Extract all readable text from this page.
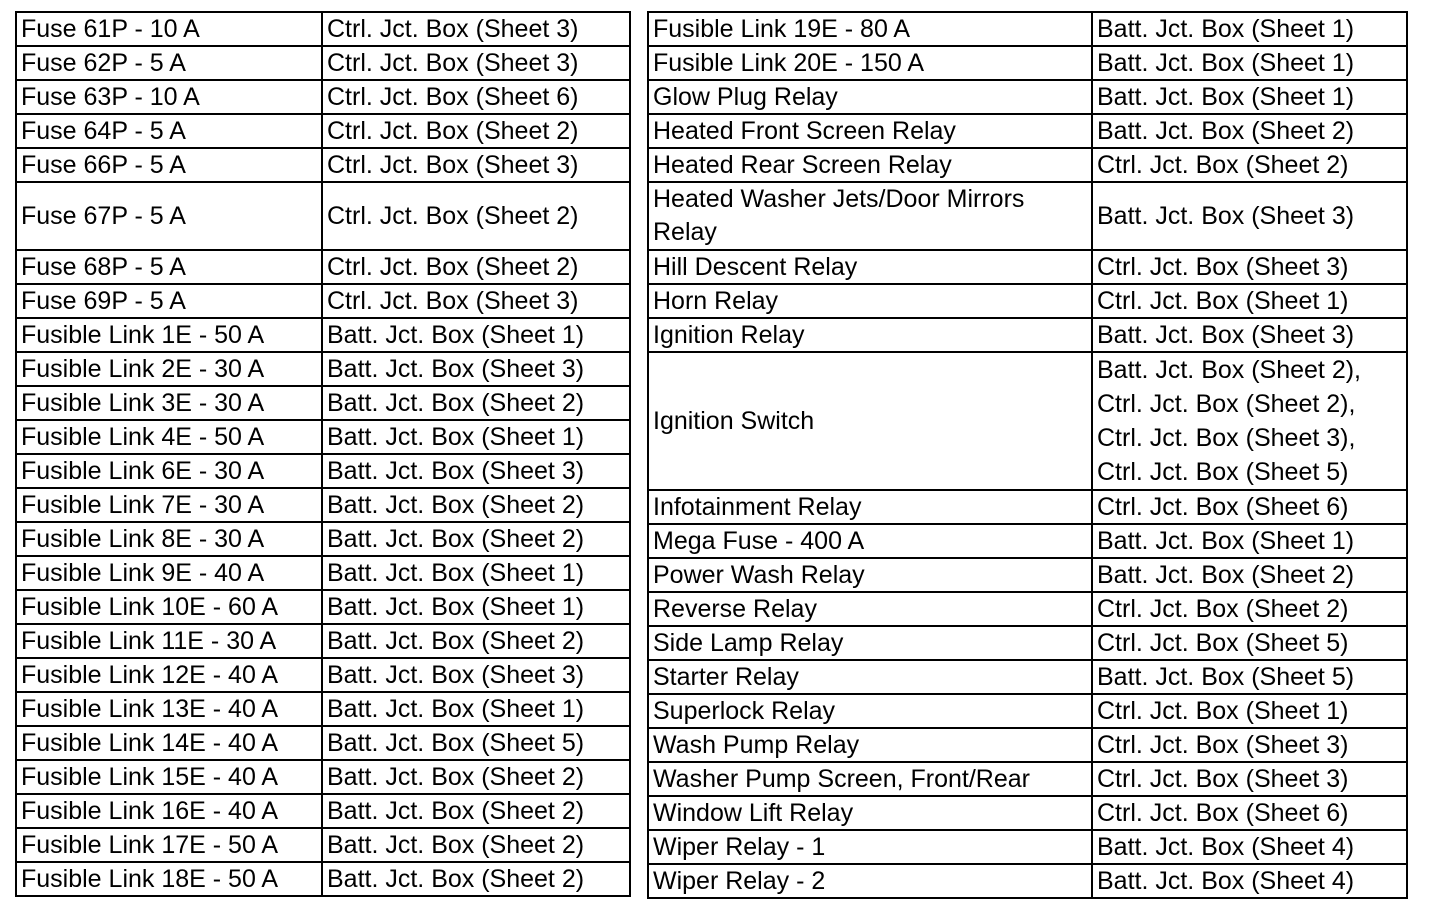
Fuse 61P - 10 A	Ctrl. Jct. Box (Sheet 3)
Fuse 62P - 5 A	Ctrl. Jct. Box (Sheet 3)
Fuse 63P - 10 A	Ctrl. Jct. Box (Sheet 6)
Fuse 64P - 5 A	Ctrl. Jct. Box (Sheet 2)
Fuse 66P - 5 A	Ctrl. Jct. Box (Sheet 3)
Fuse 67P - 5 A	Ctrl. Jct. Box (Sheet 2)
Fuse 68P - 5 A	Ctrl. Jct. Box (Sheet 2)
Fuse 69P - 5 A	Ctrl. Jct. Box (Sheet 3)
Fusible Link 1E - 50 A	Batt. Jct. Box (Sheet 1)
Fusible Link 2E - 30 A	Batt. Jct. Box (Sheet 3)
Fusible Link 3E - 30 A	Batt. Jct. Box (Sheet 2)
Fusible Link 4E - 50 A	Batt. Jct. Box (Sheet 1)
Fusible Link 6E - 30 A	Batt. Jct. Box (Sheet 3)
Fusible Link 7E - 30 A	Batt. Jct. Box (Sheet 2)
Fusible Link 8E - 30 A	Batt. Jct. Box (Sheet 2)
Fusible Link 9E - 40 A	Batt. Jct. Box (Sheet 1)
Fusible Link 10E - 60 A	Batt. Jct. Box (Sheet 1)
Fusible Link 11E - 30 A	Batt. Jct. Box (Sheet 2)
Fusible Link 12E - 40 A	Batt. Jct. Box (Sheet 3)
Fusible Link 13E - 40 A	Batt. Jct. Box (Sheet 1)
Fusible Link 14E - 40 A	Batt. Jct. Box (Sheet 5)
Fusible Link 15E - 40 A	Batt. Jct. Box (Sheet 2)
Fusible Link 16E - 40 A	Batt. Jct. Box (Sheet 2)
Fusible Link 17E - 50 A	Batt. Jct. Box (Sheet 2)
Fusible Link 18E - 50 A	Batt. Jct. Box (Sheet 2)
Fusible Link 19E - 80 A	Batt. Jct. Box (Sheet 1)
Fusible Link 20E - 150 A	Batt. Jct. Box (Sheet 1)
Glow Plug Relay	Batt. Jct. Box (Sheet 1)
Heated Front Screen Relay	Batt. Jct. Box (Sheet 2)
Heated Rear Screen Relay	Ctrl. Jct. Box (Sheet 2)
Heated Washer Jets/Door Mirrors Relay	Batt. Jct. Box (Sheet 3)
Hill Descent Relay	Ctrl. Jct. Box (Sheet 3)
Horn Relay	Ctrl. Jct. Box (Sheet 1)
Ignition Relay	Batt. Jct. Box (Sheet 3)
Ignition Switch	Batt. Jct. Box (Sheet 2),
Ctrl. Jct. Box (Sheet 2),
Ctrl. Jct. Box (Sheet 3),
Ctrl. Jct. Box (Sheet 5)

Infotainment Relay	Ctrl. Jct. Box (Sheet 6)
Mega Fuse - 400 A	Batt. Jct. Box (Sheet 1)
Power Wash Relay	Batt. Jct. Box (Sheet 2)
Reverse Relay	Ctrl. Jct. Box (Sheet 2)
Side Lamp Relay	Ctrl. Jct. Box (Sheet 5)
Starter Relay	Batt. Jct. Box (Sheet 5)
Superlock Relay	Ctrl. Jct. Box (Sheet 1)
Wash Pump Relay	Ctrl. Jct. Box (Sheet 3)
Washer Pump Screen, Front/Rear	Ctrl. Jct. Box (Sheet 3)
Window Lift Relay	Ctrl. Jct. Box (Sheet 6)
Wiper Relay - 1	Batt. Jct. Box (Sheet 4)
Wiper Relay - 2	Batt. Jct. Box (Sheet 4)
